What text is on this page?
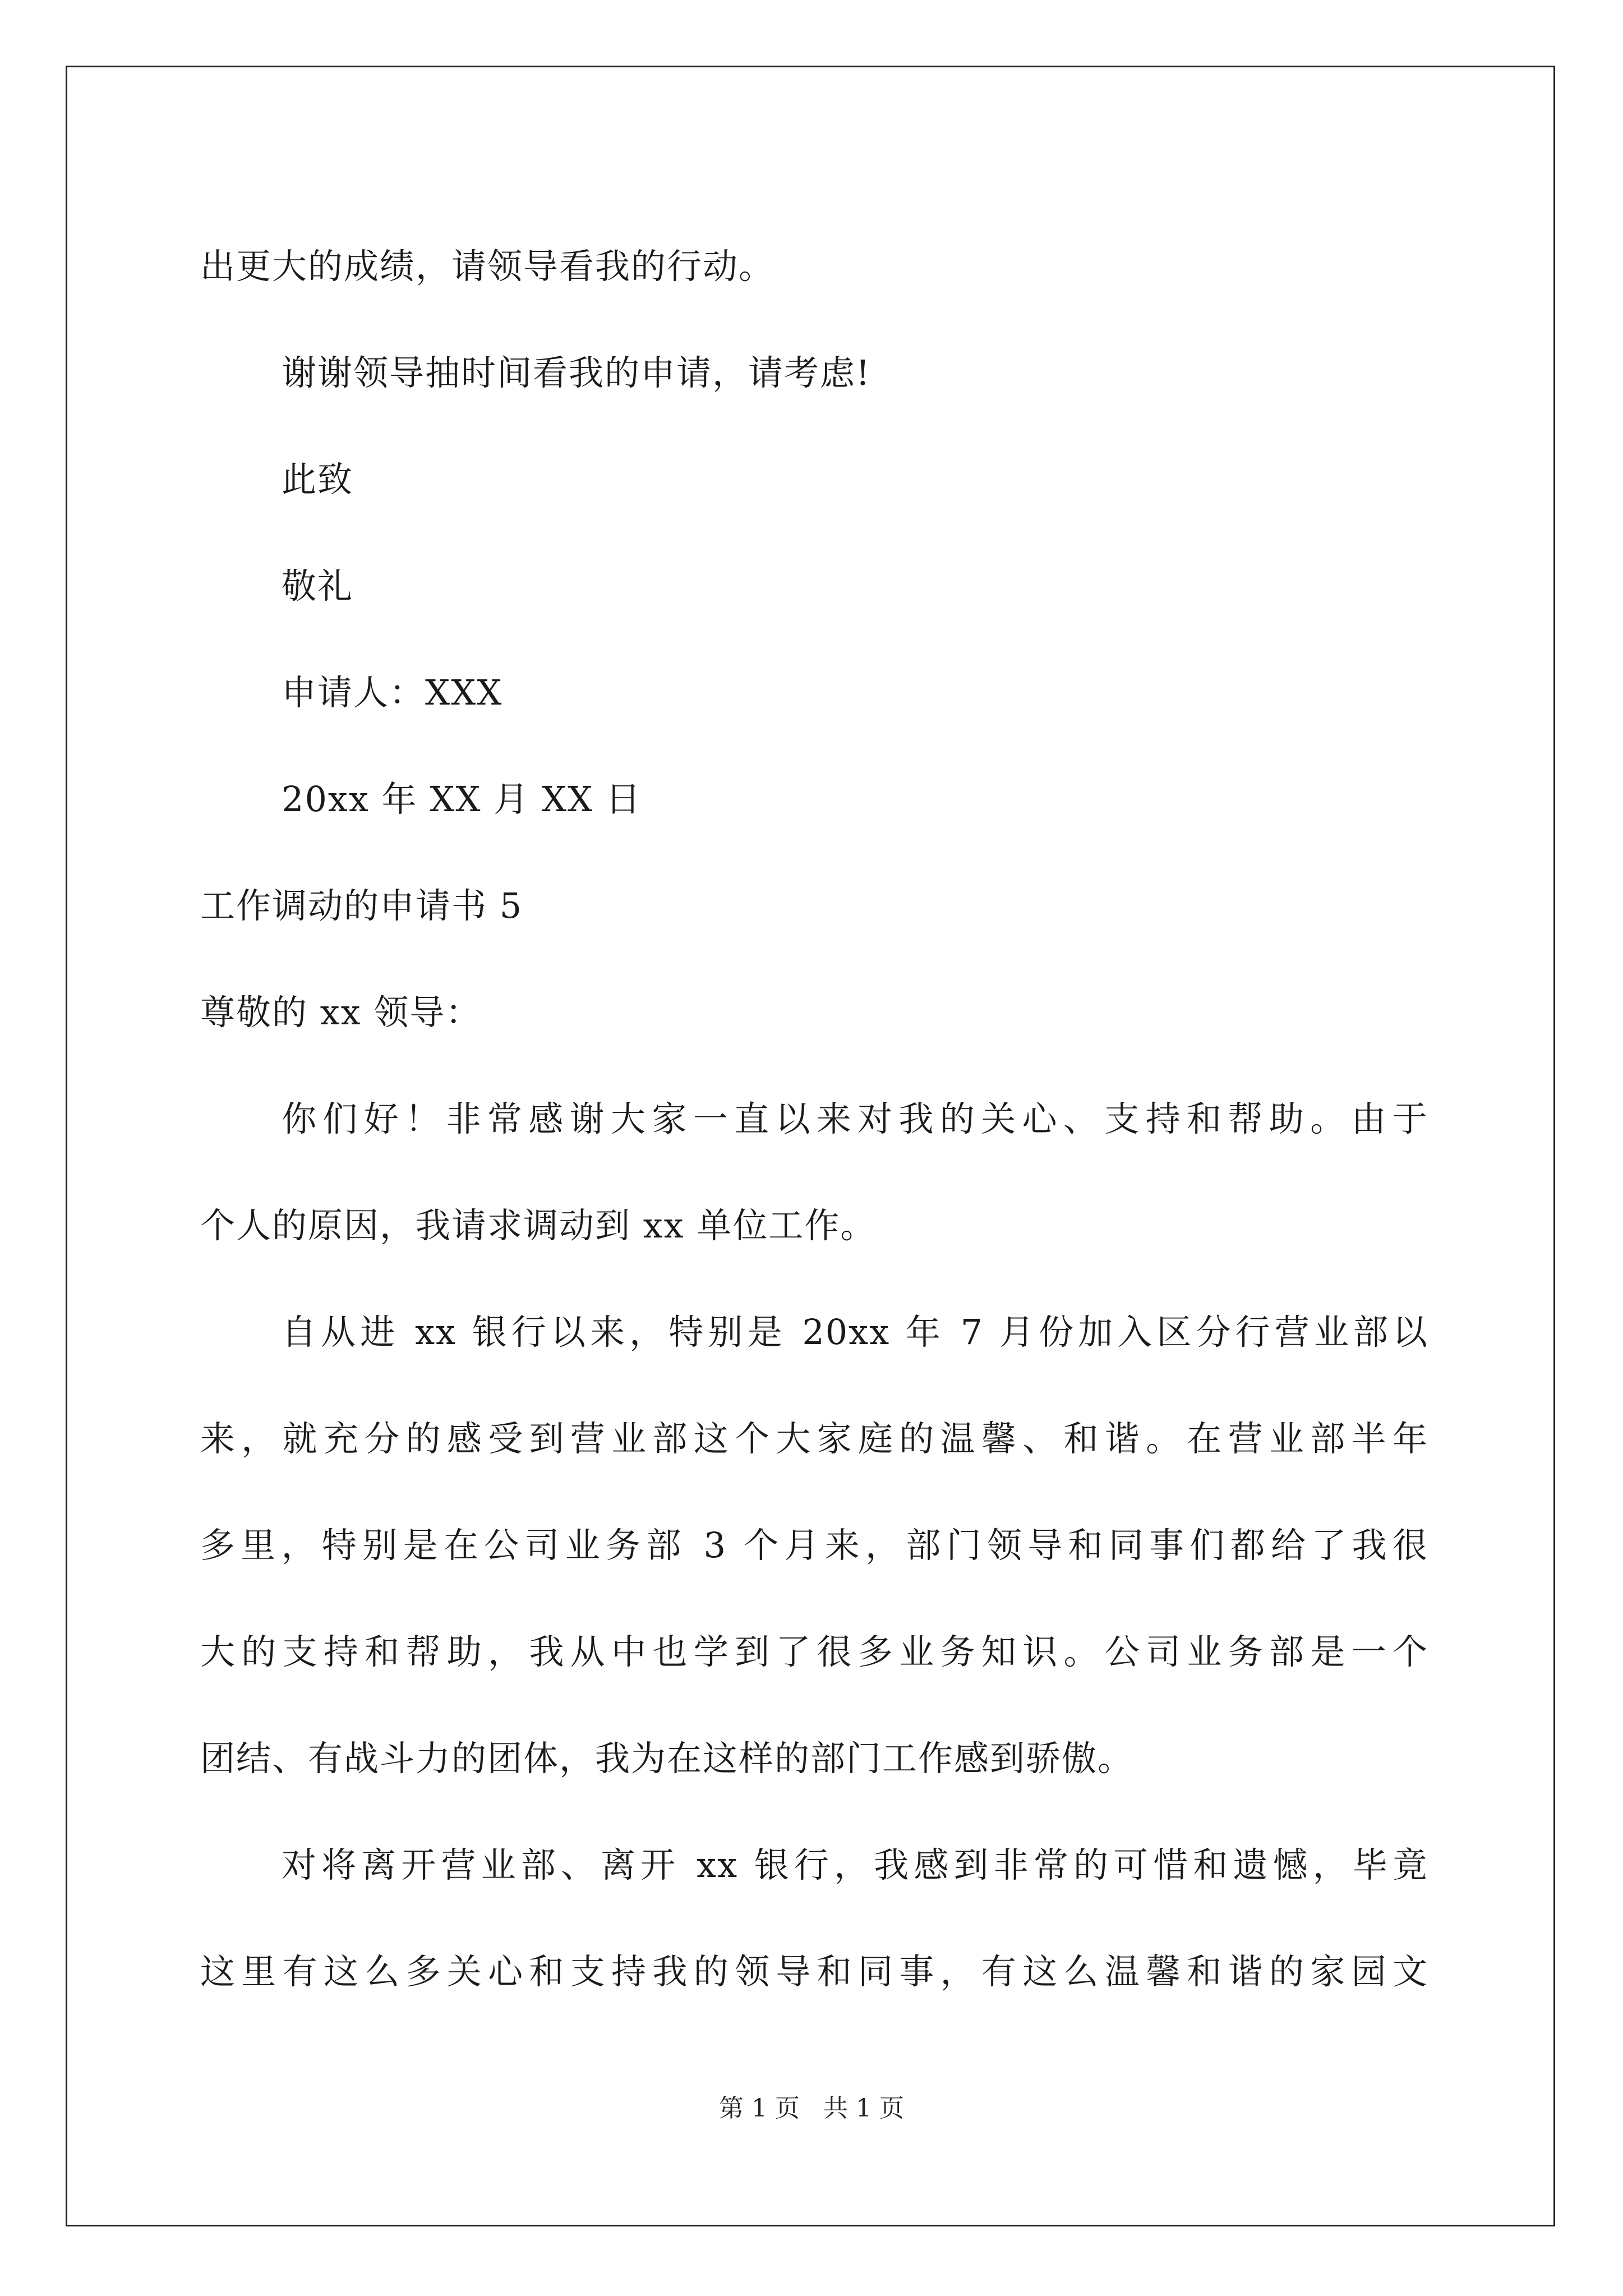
出更大的成绩，请领导看我的行动。
谢谢领导抽时间看我的申请，请考虑!
此致
敬礼
申请人：XXX
20xx 年 XX 月 XX 日
工作调动的申请书 5
尊敬的 xx 领导：
你们好！非常感谢大家一直以来对我的关心、支持和帮助。由于
个人的原因，我请求调动到 xx 单位工作。
自从进 xx 银行以来，特别是 20xx 年 7 月份加入区分行营业部以
来，就充分的感受到营业部这个大家庭的温馨、和谐。在营业部半年
多里，特别是在公司业务部 3 个月来，部门领导和同事们都给了我很
大的支持和帮助，我从中也学到了很多业务知识。公司业务部是一个
团结、有战斗力的团体，我为在这样的部门工作感到骄傲。
对将离开营业部、离开 xx 银行，我感到非常的可惜和遗憾，毕竟
这里有这么多关心和支持我的领导和同事，有这么温馨和谐的家园文
第 1 页 共 1 页
